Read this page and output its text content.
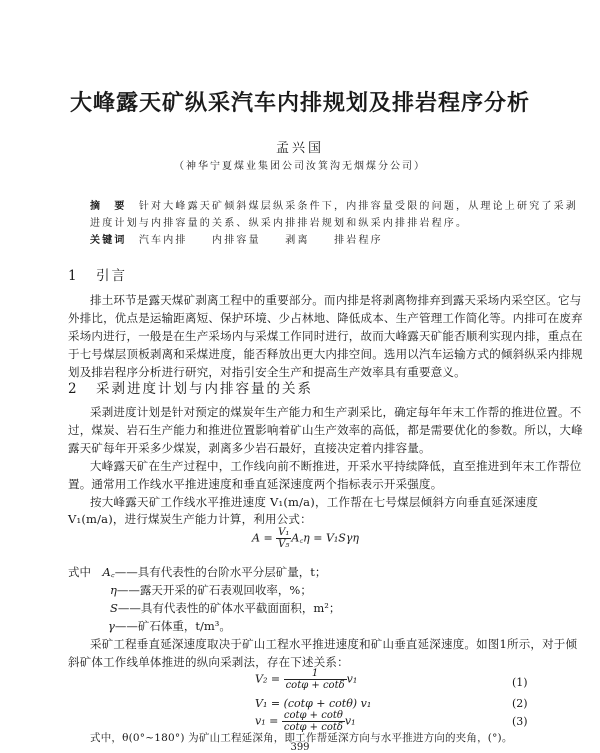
大峰露天矿纵采汽车内排规划及排岩程序分析
孟兴国
（神华宁夏煤业集团公司汝箕沟无烟煤分公司）
摘　要　 针对大峰露天矿倾斜煤层纵采条件下，内排容量受限的问题，从理论上研究了采剥
进度计划与内排容量的关系、纵采内排排岩规划和纵采内排排岩程序。
关键词　 汽车内排　　 内排容量　　 剥离　　 排岩程序
1 引言
排土环节是露天煤矿剥离工程中的重要部分。而内排是将剥离物排弃到露天采场内采空区。它与
外排比，优点是运输距离短、保护环境、少占林地、降低成本、生产管理工作简化等。内排可在废弃
采场内进行，一般是在生产采场内与采煤工作同时进行，故而大峰露天矿能否顺利实现内排，重点在
于七号煤层顶板剥离和采煤进度，能否释放出更大内排空间。选用以汽车运输方式的倾斜纵采内排规
划及排岩程序分析进行研究，对指引安全生产和提高生产效率具有重要意义。
2 采剥进度计划与内排容量的关系
采剥进度计划是针对预定的煤炭年生产能力和生产剥采比，确定每年年末工作帮的推进位置。不
过，煤炭、岩石生产能力和推进位置影响着矿山生产效率的高低，都是需要优化的参数。所以，大峰
露天矿每年开采多少煤炭，剥离多少岩石最好，直接决定着内排容量。
大峰露天矿在生产过程中，工作线向前不断推进，开采水平持续降低，直至推进到年末工作帮位
置。通常用工作线水平推进速度和垂直延深速度两个指标表示开采强度。
按大峰露天矿工作线水平推进速度 V₁(m/a)，工作帮在七号煤层倾斜方向垂直延深速度
V₁(m/a)，进行煤炭生产能力计算，利用公式：
$A = \frac{\text{V₁}}{\text{V₅}}$ A꜀η = V₁Sγη
式中　 A꜀——具有代表性的台阶水平分层矿量，t；
η——露天开采的矿石表观回收率，%；
S——具有代表性的矿体水平截面面积，m²；
γ——矿石体重，t/m³。
采矿工程垂直延深速度取决于矿山工程水平推进速度和矿山垂直延深速度。如图1所示，对于倾
斜矿体工作线单体推进的纵向采剥法，存在下述关系：
$V_2 = \frac{1}{\cot\varphi + \cot\delta} v_1$	(1)
V₁ = (cotφ + cotθ) v₁	(2)
$v_1 = \frac{\cot\varphi + \cot\theta}{\cot\varphi + \cot\delta} v_1$	(3)
式中，θ(0°~180°) 为矿山工程延深角，即工作帮延深方向与水平推进方向的夹角，(°)。
399
